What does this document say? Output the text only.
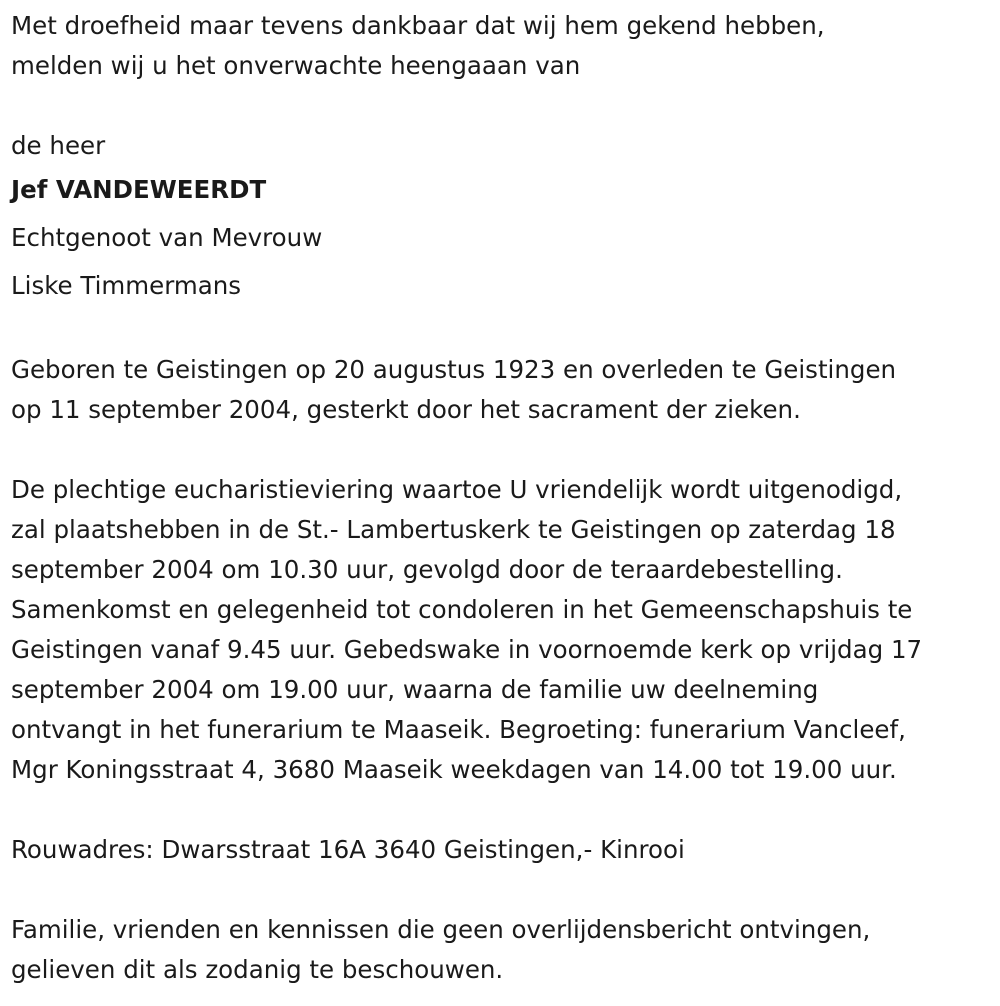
Met droefheid maar tevens dankbaar dat wij hem gekend hebben,
melden wij u het onverwachte heengaaan van
de heer
Jef VANDEWEERDT
Echtgenoot van Mevrouw
Liske Timmermans
Geboren te Geistingen op 20 augustus 1923 en overleden te Geistingen
op 11 september 2004, gesterkt door het sacrament der zieken.
De plechtige eucharistieviering waartoe U vriendelijk wordt uitgenodigd,
zal plaatshebben in de St.- Lambertuskerk te Geistingen op zaterdag 18
september 2004 om 10.30 uur, gevolgd door de teraardebestelling.
Samenkomst en gelegenheid tot condoleren in het Gemeenschapshuis te
Geistingen vanaf 9.45 uur. Gebedswake in voornoemde kerk op vrijdag 17
september 2004 om 19.00 uur, waarna de familie uw deelneming
ontvangt in het funerarium te Maaseik. Begroeting: funerarium Vancleef,
Mgr Koningsstraat 4, 3680 Maaseik weekdagen van 14.00 tot 19.00 uur.
Rouwadres: Dwarsstraat 16A 3640 Geistingen,- Kinrooi
Familie, vrienden en kennissen die geen overlijdensbericht ontvingen,
gelieven dit als zodanig te beschouwen.
